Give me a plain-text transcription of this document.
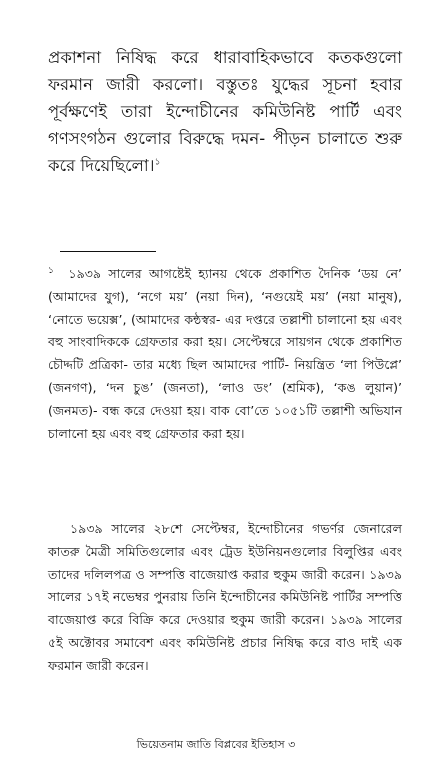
প্রকাশনা নিষিদ্ধ করে ধারাবাহিকভাবে কতকগুলো ফরমান জারী করলো। বস্তুতঃ যুদ্ধের সূচনা হবার পূর্বক্ষণেই তারা ইন্দোচীনের কমিউনিষ্ট পার্টি এবং গণসংগঠন গুলোর বিরুদ্ধে দমন- পীড়ন চালাতে শুরু করে দিয়েছিলো।$^১$

$^১$ ১৯৩৯ সালের আগষ্টেই হ্যানয় থেকে প্রকাশিত দৈনিক ‘ডয় নে’ (আমাদের যুগ), ‘নগে ময়’ (নয়া দিন), ‘নগুয়েই ময়’ (নয়া মানুষ), ‘নোতে ভয়েক্স’, (আমাদের কন্ঠস্বর- এর দপ্তরে তল্লাশী চালানো হয় এবং বহু সাংবাদিককে গ্রেফতার করা হয়। সেপ্টেম্বরে সায়গন থেকে প্রকাশিত চৌদ্দটি প্রত্রিকা- তার মধ্যে ছিল আমাদের পার্টি- নিয়ন্ত্রিত ‘লা পিউপ্লে’ (জনগণ), ‘দন চুঙ’ (জনতা), ‘লাও ডং’ (শ্রমিক), ‘কঙ লুয়ান)’ (জনমত)- বন্ধ করে দেওয়া হয়। বাক বো’তে ১০৫১টি তল্লাশী অভিযান চালানো হয় এবং বহু গ্রেফতার করা হয়।

১৯৩৯ সালের ২৮শে সেপ্টেম্বর, ইন্দোচীনের গভর্ণর জেনারেল কাতরু মৈত্রী সমিতিগুলোর এবং ট্রেড ইউনিয়নগুলোর বিলুপ্তির এবং তাদের দলিলপত্র ও সম্পত্তি বাজেয়াপ্ত করার হুকুম জারী করেন। ১৯৩৯ সালের ১৭ই নভেম্বর পুনরায় তিনি ইন্দোচীনের কমিউনিষ্ট পার্টির সম্পত্তি বাজেয়াপ্ত করে বিক্রি করে দেওয়ার হুকুম জারী করেন। ১৯৩৯ সালের ৫ই অক্টোবর সমাবেশ এবং কমিউনিষ্ট প্রচার নিষিদ্ধ করে বাও দাই এক ফরমান জারী করেন।

ভিয়েতনাম জাতি বিপ্লবের ইতিহাস ৩
